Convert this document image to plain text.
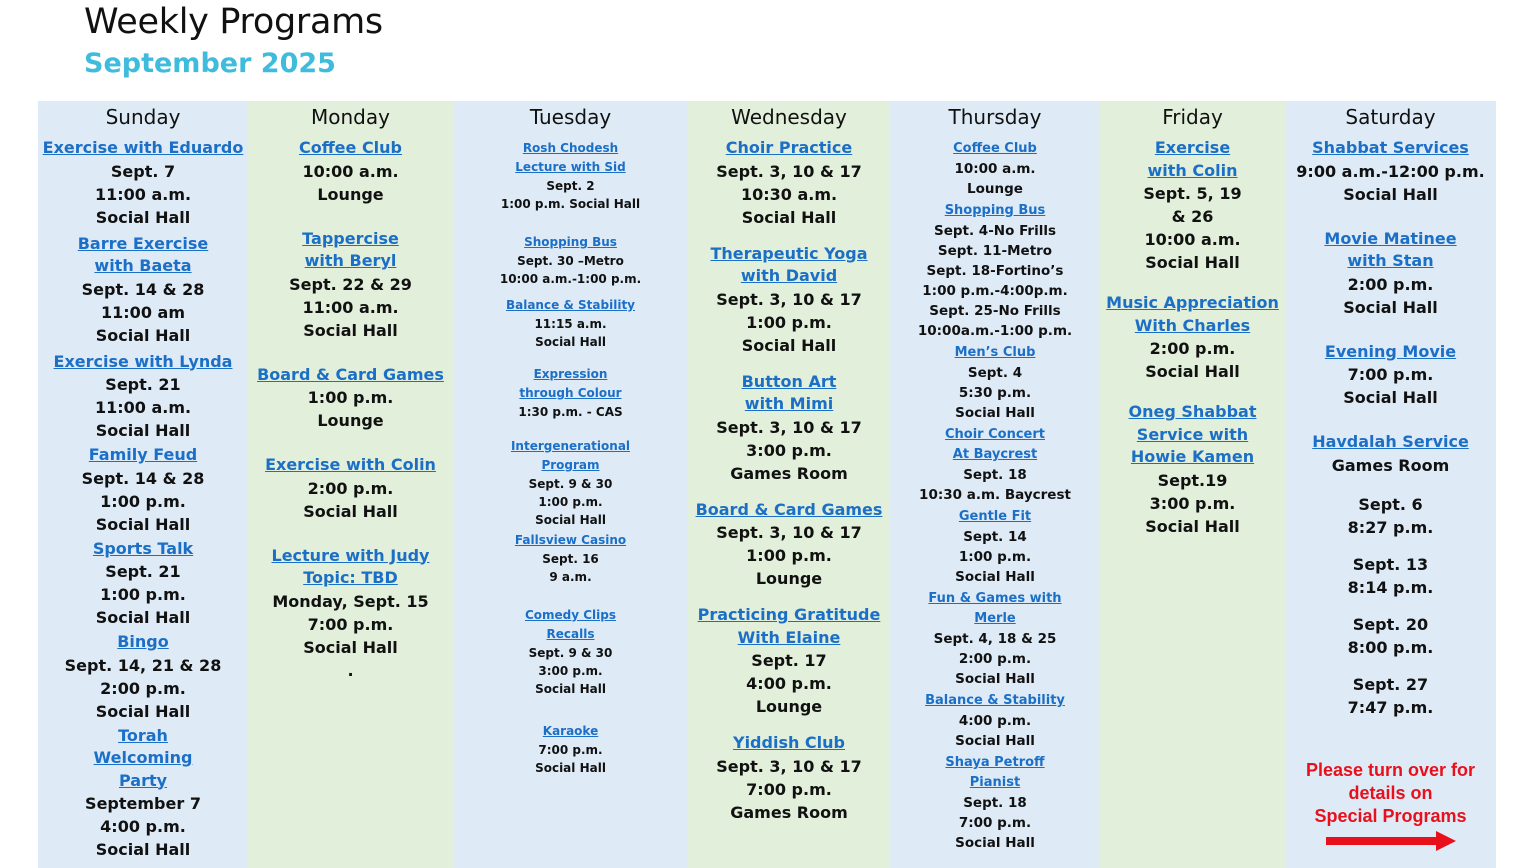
Weekly Programs
September 2025
Sunday
Exercise with Eduardo
Sept. 7
11:00 a.m.
Social Hall
Barre Exercise
with Baeta
Sept. 14 & 28
11:00 am
Social Hall
Exercise with Lynda
Sept. 21
11:00 a.m.
Social Hall
Family Feud
Sept. 14 & 28
1:00 p.m.
Social Hall
Sports Talk
Sept. 21
1:00 p.m.
Social Hall
Bingo
Sept. 14, 21 & 28
2:00 p.m.
Social Hall
Torah
Welcoming
Party
September 7
4:00 p.m.
Social Hall
Monday
Coffee Club
10:00 a.m.
Lounge
Tappercise
with Beryl
Sept. 22 & 29
11:00 a.m.
Social Hall
Board & Card Games
1:00 p.m.
Lounge
Exercise with Colin
2:00 p.m.
Social Hall
Lecture with Judy
Topic: TBD
Monday, Sept. 15
7:00 p.m.
Social Hall
.
Tuesday
Rosh Chodesh
Lecture with Sid
Sept. 2
1:00 p.m. Social Hall
Shopping Bus
Sept. 30 –Metro
10:00 a.m.-1:00 p.m.
Balance & Stability
11:15 a.m.
Social Hall
Expression
through Colour
1:30 p.m. - CAS
Intergenerational
Program
Sept. 9 & 30
1:00 p.m.
Social Hall
Fallsview Casino
Sept. 16
9 a.m.
Comedy Clips
Recalls
Sept. 9 & 30
3:00 p.m.
Social Hall
Karaoke
7:00 p.m.
Social Hall
Wednesday
Choir Practice
Sept. 3, 10 & 17
10:30 a.m.
Social Hall
Therapeutic Yoga
with David
Sept. 3, 10 & 17
1:00 p.m.
Social Hall
Button Art
with Mimi
Sept. 3, 10 & 17
3:00 p.m.
Games Room
Board & Card Games
Sept. 3, 10 & 17
1:00 p.m.
Lounge
Practicing Gratitude
With Elaine
Sept. 17
4:00 p.m.
Lounge
Yiddish Club
Sept. 3, 10 & 17
7:00 p.m.
Games Room
Thursday
Coffee Club
10:00 a.m.
Lounge
Shopping Bus
Sept. 4-No Frills
Sept. 11-Metro
Sept. 18-Fortino’s
1:00 p.m.-4:00p.m.
Sept. 25-No Frills
10:00a.m.-1:00 p.m.
Men’s Club
Sept. 4
5:30 p.m.
Social Hall
Choir Concert
At Baycrest
Sept. 18
10:30 a.m. Baycrest
Gentle Fit
Sept. 14
1:00 p.m.
Social Hall
Fun & Games with
Merle
Sept. 4, 18 & 25
2:00 p.m.
Social Hall
Balance & Stability
4:00 p.m.
Social Hall
Shaya Petroff
Pianist
Sept. 18
7:00 p.m.
Social Hall
Friday
Exercise
with Colin
Sept. 5, 19
& 26
10:00 a.m.
Social Hall
Music Appreciation
With Charles
2:00 p.m.
Social Hall
Oneg Shabbat
Service with
Howie Kamen
Sept.19
3:00 p.m.
Social Hall
Saturday
Shabbat Services
9:00 a.m.-12:00 p.m.
Social Hall
Movie Matinee
with Stan
2:00 p.m.
Social Hall
Evening Movie
7:00 p.m.
Social Hall
Havdalah Service
Games Room
Sept. 6
8:27 p.m.
Sept. 13
8:14 p.m.
Sept. 20
8:00 p.m.
Sept. 27
7:47 p.m.
Please turn over for
details on
Special Programs
